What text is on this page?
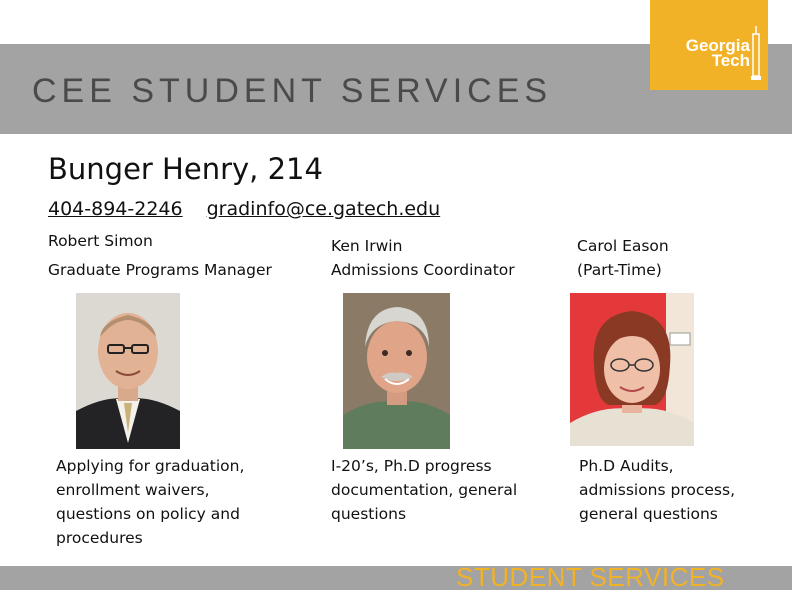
CEE STUDENT SERVICES
Georgia
Tech
Bunger Henry, 214
404-894-2246 gradinfo@ce.gatech.edu
Robert Simon
Graduate Programs Manager
Applying for graduation, enrollment waivers, questions on policy and procedures
Ken Irwin
Admissions Coordinator
I-20’s, Ph.D progress documentation, general questions
Carol Eason
(Part-Time)
Ph.D Audits, admissions process, general questions
STUDENT SERVICES
